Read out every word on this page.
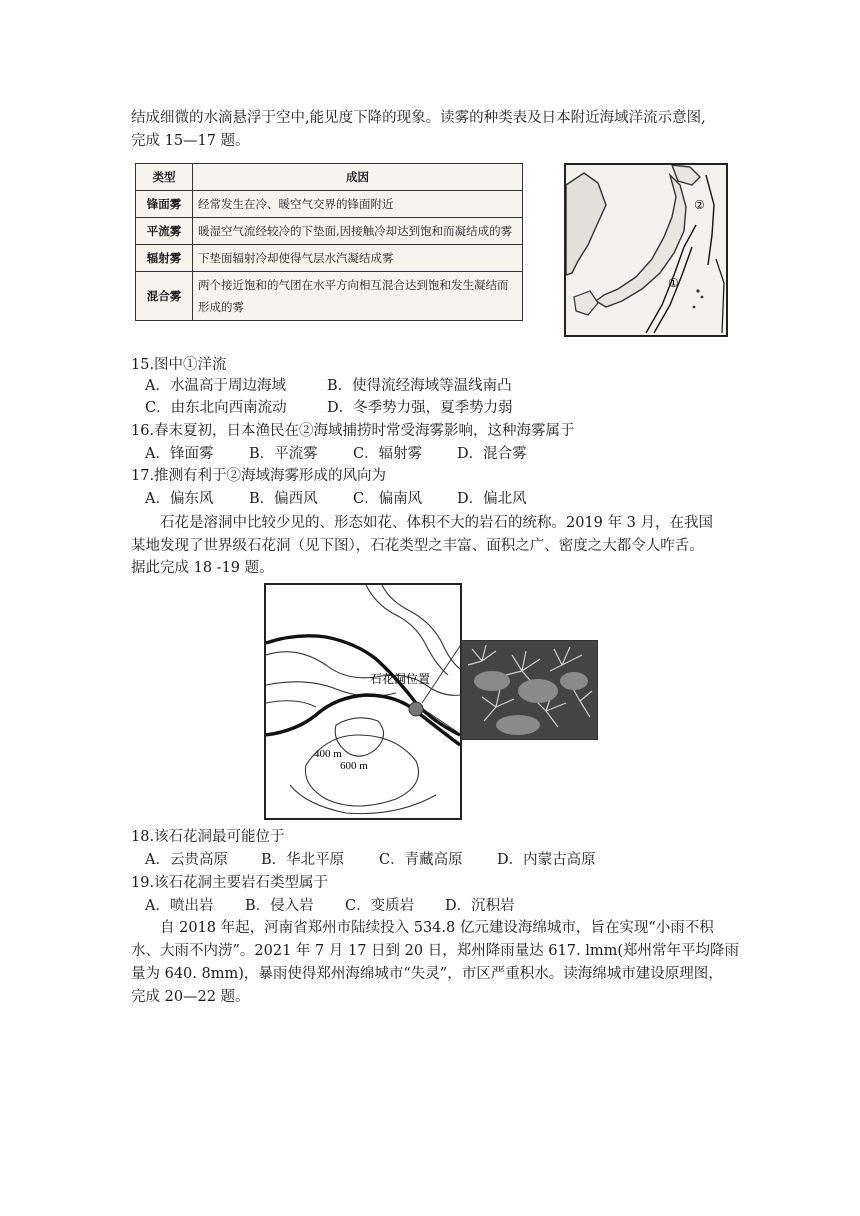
结成细微的水滴悬浮于空中,能见度下降的现象。读雾的种类表及日本附近海域洋流示意图,
完成 15—17 题。
类型	成因
锋面雾	经常发生在冷、暖空气交界的锋面附近
平流雾	暖湿空气流经较冷的下垫面,因接触冷却达到饱和而凝结成的雾
辐射雾	下垫面辐射冷却使得气层水汽凝结成雾
混合雾	两个接近饱和的气团在水平方向相互混合达到饱和发生凝结而形成的雾
①
②
15.图中①洋流
A．水温高于周边海域	B．使得流经海域等温线南凸
C．由东北向西南流动	D．冬季势力强，夏季势力弱
16.春末夏初，日本渔民在②海域捕捞时常受海雾影响，这种海雾属于
A．锋面雾 B．平流雾 C．辐射雾 D．混合雾
17.推测有利于②海域海雾形成的风向为
A．偏东风 B．偏西风 C．偏南风 D．偏北风
石花是溶洞中比较少见的、形态如花、体积不大的岩石的统称。2019 年 3 月，在我国
某地发现了世界级石花洞（见下图），石花类型之丰富、面积之广、密度之大都令人咋舌。
据此完成 18 -19 题。
石花洞位置
400 m
600 m
18.该石花洞最可能位于
A．云贵高原 B．华北平原 C．青藏高原 D．内蒙古高原
19.该石花洞主要岩石类型属于
A．喷出岩 B．侵入岩 C．变质岩 D．沉积岩
自 2018 年起，河南省郑州市陆续投入 534.8 亿元建设海绵城市，旨在实现“小雨不积
水、大雨不内涝”。2021 年 7 月 17 日到 20 日，郑州降雨量达 617. lmm(郑州常年平均降雨
量为 640. 8mm)，暴雨使得郑州海绵城市“失灵”，市区严重积水。读海绵城市建设原理图，
完成 20—22 题。
